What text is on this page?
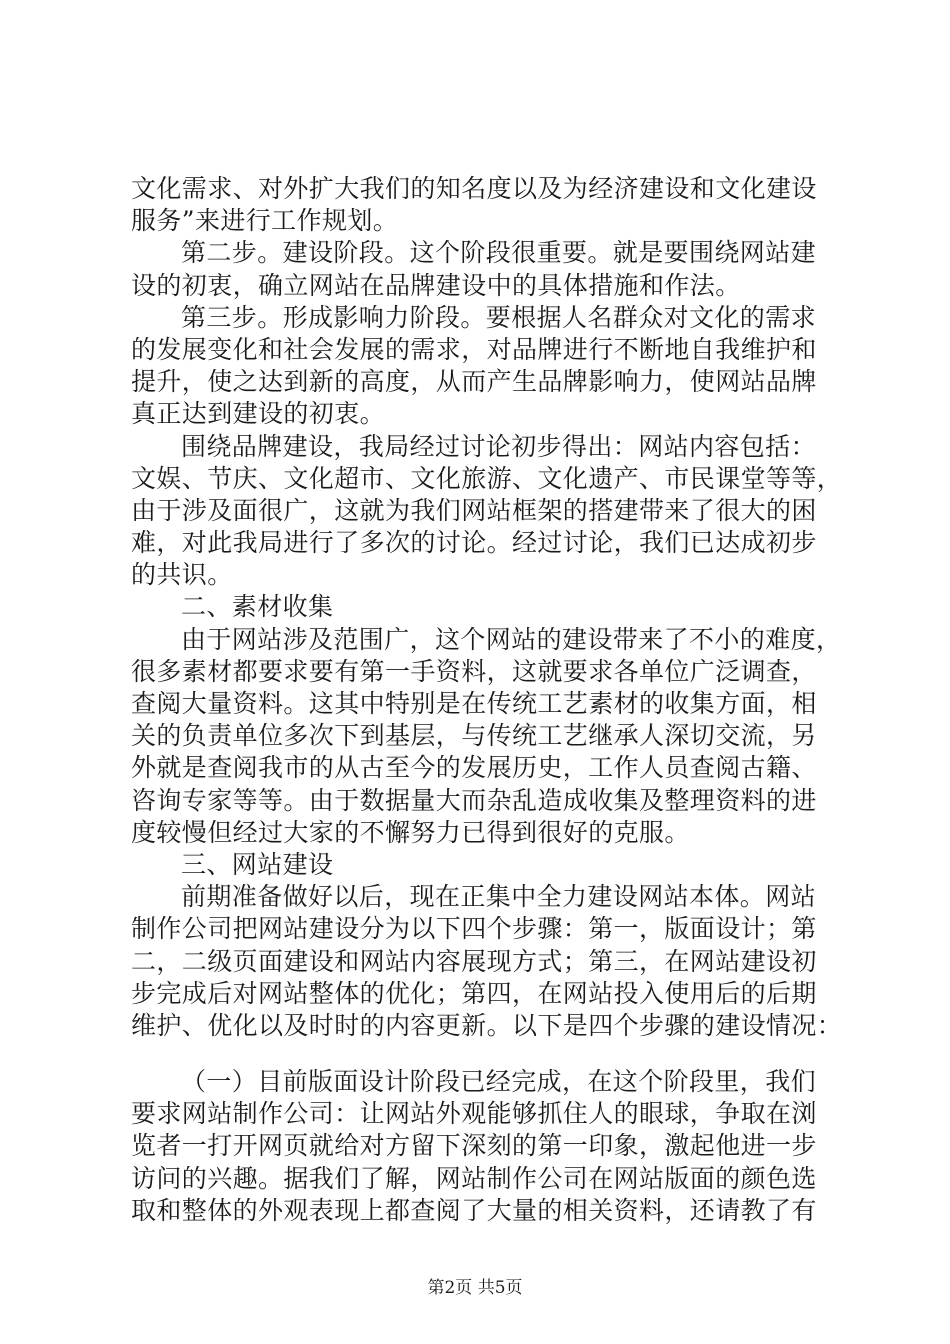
文化需求、对外扩大我们的知名度以及为经济建设和文化建设
服务”来进行工作规划。
第二步。建设阶段。这个阶段很重要。就是要围绕网站建
设的初衷，确立网站在品牌建设中的具体措施和作法。
第三步。形成影响力阶段。要根据人名群众对文化的需求
的发展变化和社会发展的需求，对品牌进行不断地自我维护和
提升，使之达到新的高度，从而产生品牌影响力，使网站品牌
真正达到建设的初衷。
围绕品牌建设，我局经过讨论初步得出：网站内容包括：
文娱、节庆、文化超市、文化旅游、文化遗产、市民课堂等等，
由于涉及面很广，这就为我们网站框架的搭建带来了很大的困
难，对此我局进行了多次的讨论。经过讨论，我们已达成初步
的共识。
二、素材收集
由于网站涉及范围广，这个网站的建设带来了不小的难度，
很多素材都要求要有第一手资料，这就要求各单位广泛调查，
查阅大量资料。这其中特别是在传统工艺素材的收集方面，相
关的负责单位多次下到基层，与传统工艺继承人深切交流，另
外就是查阅我市的从古至今的发展历史，工作人员查阅古籍、
咨询专家等等。由于数据量大而杂乱造成收集及整理资料的进
度较慢但经过大家的不懈努力已得到很好的克服。
三、网站建设
前期准备做好以后，现在正集中全力建设网站本体。网站
制作公司把网站建设分为以下四个步骤：第一，版面设计；第
二，二级页面建设和网站内容展现方式；第三，在网站建设初
步完成后对网站整体的优化；第四，在网站投入使用后的后期
维护、优化以及时时的内容更新。以下是四个步骤的建设情况：
（一）目前版面设计阶段已经完成，在这个阶段里，我们
要求网站制作公司：让网站外观能够抓住人的眼球，争取在浏
览者一打开网页就给对方留下深刻的第一印象，激起他进一步
访问的兴趣。据我们了解，网站制作公司在网站版面的颜色选
取和整体的外观表现上都查阅了大量的相关资料，还请教了有
第2页 共5页
